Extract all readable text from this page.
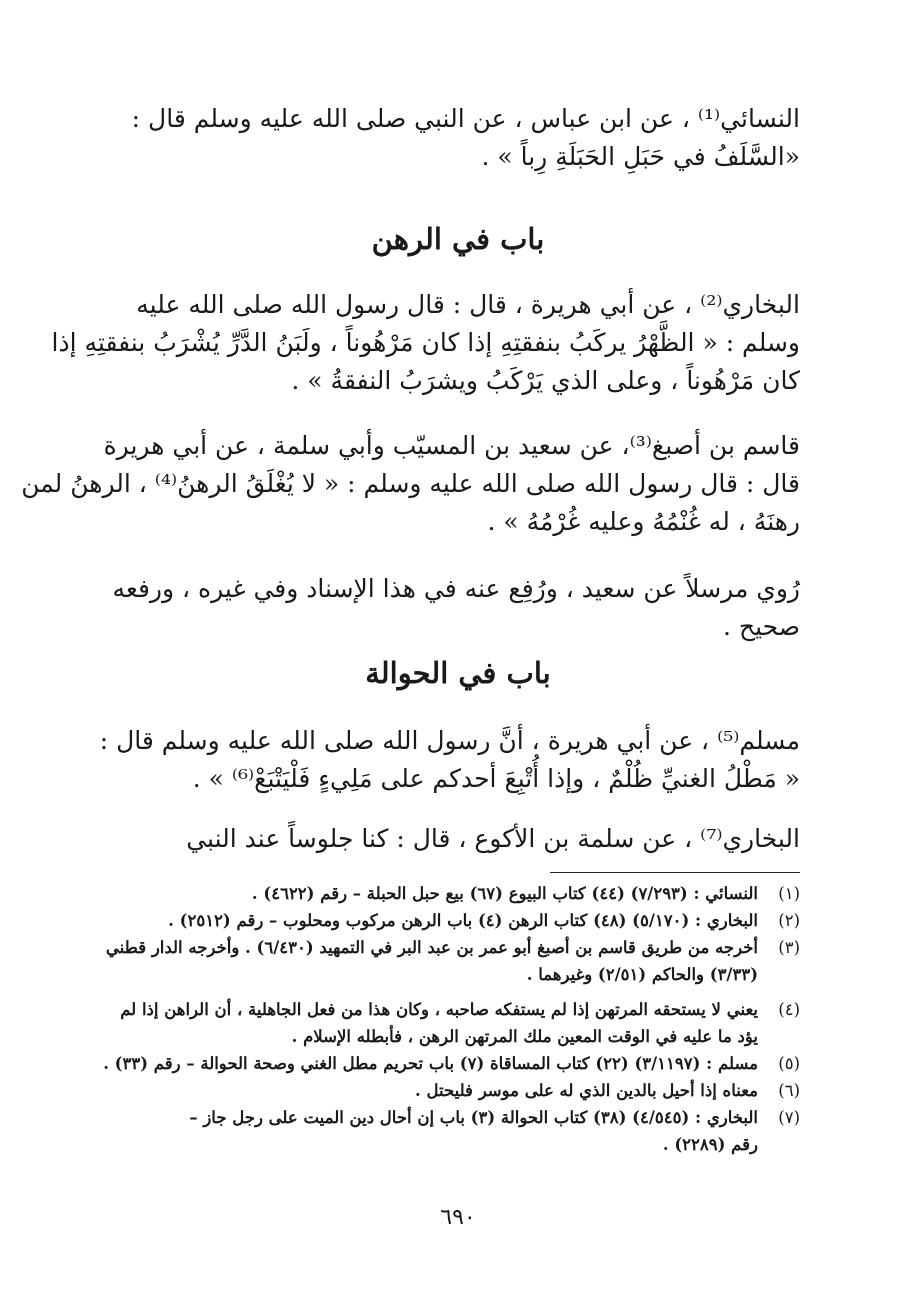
النسائي⁽¹⁾ ، عن ابن عباس ، عن النبي صلى الله عليه وسلم قال :
«السَّلَفُ في حَبَلِ الحَبَلَةِ رِباً » .
باب في الرهن
البخاري⁽²⁾ ، عن أبي هريرة ، قال : قال رسول الله صلى الله عليه
وسلم : « الظَّهْرُ يركَبُ بنفقتِهِ إذا كان مَرْهُوناً ، ولَبَنُ الدَّرِّ يُشْرَبُ بنفقتِهِ إذا
كان مَرْهُوناً ، وعلى الذي يَرْكَبُ ويشرَبُ النفقةُ » .
قاسم بن أصبغ⁽³⁾، عن سعيد بن المسيّب وأبي سلمة ، عن أبي هريرة
قال : قال رسول الله صلى الله عليه وسلم : « لا يُغْلَقُ الرهنُ⁽⁴⁾ ، الرهنُ لمن
رهنَهُ ، له غُنْمُهُ وعليه غُرْمُهُ » .
رُوي مرسلاً عن سعيد ، ورُفِع عنه في هذا الإسناد وفي غيره ، ورفعه
صحيح .
باب في الحوالة
مسلم⁽⁵⁾ ، عن أبي هريرة ، أنَّ رسول الله صلى الله عليه وسلم قال :
« مَطْلُ الغنيِّ ظُلْمٌ ، وإذا أُتْبِعَ أحدكم على مَلِيءٍ فَلْيَتْبَعْ⁽⁶⁾ » .
البخاري⁽⁷⁾ ، عن سلمة بن الأكوع ، قال : كنا جلوساً عند النبي
(١)
النسائي : (٧/٢٩٣) (٤٤) كتاب البيوع (٦٧) بيع حبل الحبلة – رقم (٤٦٢٢) .
(٢)
البخاري : (٥/١٧٠) (٤٨) كتاب الرهن (٤) باب الرهن مركوب ومحلوب – رقم (٢٥١٢) .
(٣)
أخرجه من طريق قاسم بن أصبغ أبو عمر بن عبد البر في التمهيد (٦/٤٣٠) . وأخرجه الدار قطني
(٣/٣٣) والحاكم (٢/٥١) وغيرهما .
(٤)
يعني لا يستحقه المرتهن إذا لم يستفكه صاحبه ، وكان هذا من فعل الجاهلية ، أن الراهن إذا لم
يؤد ما عليه في الوقت المعين ملك المرتهن الرهن ، فأبطله الإسلام .
(٥)
مسلم : (٣/١١٩٧) (٢٢) كتاب المساقاة (٧) باب تحريم مطل الغني وصحة الحوالة – رقم (٣٣) .
(٦)
معناه إذا أحيل بالدين الذي له على موسر فليحتل .
(٧)
البخاري : (٤/٥٤٥) (٣٨) كتاب الحوالة (٣) باب إن أحال دين الميت على رجل جاز –
رقم (٢٢٨٩) .
٦٩٠
